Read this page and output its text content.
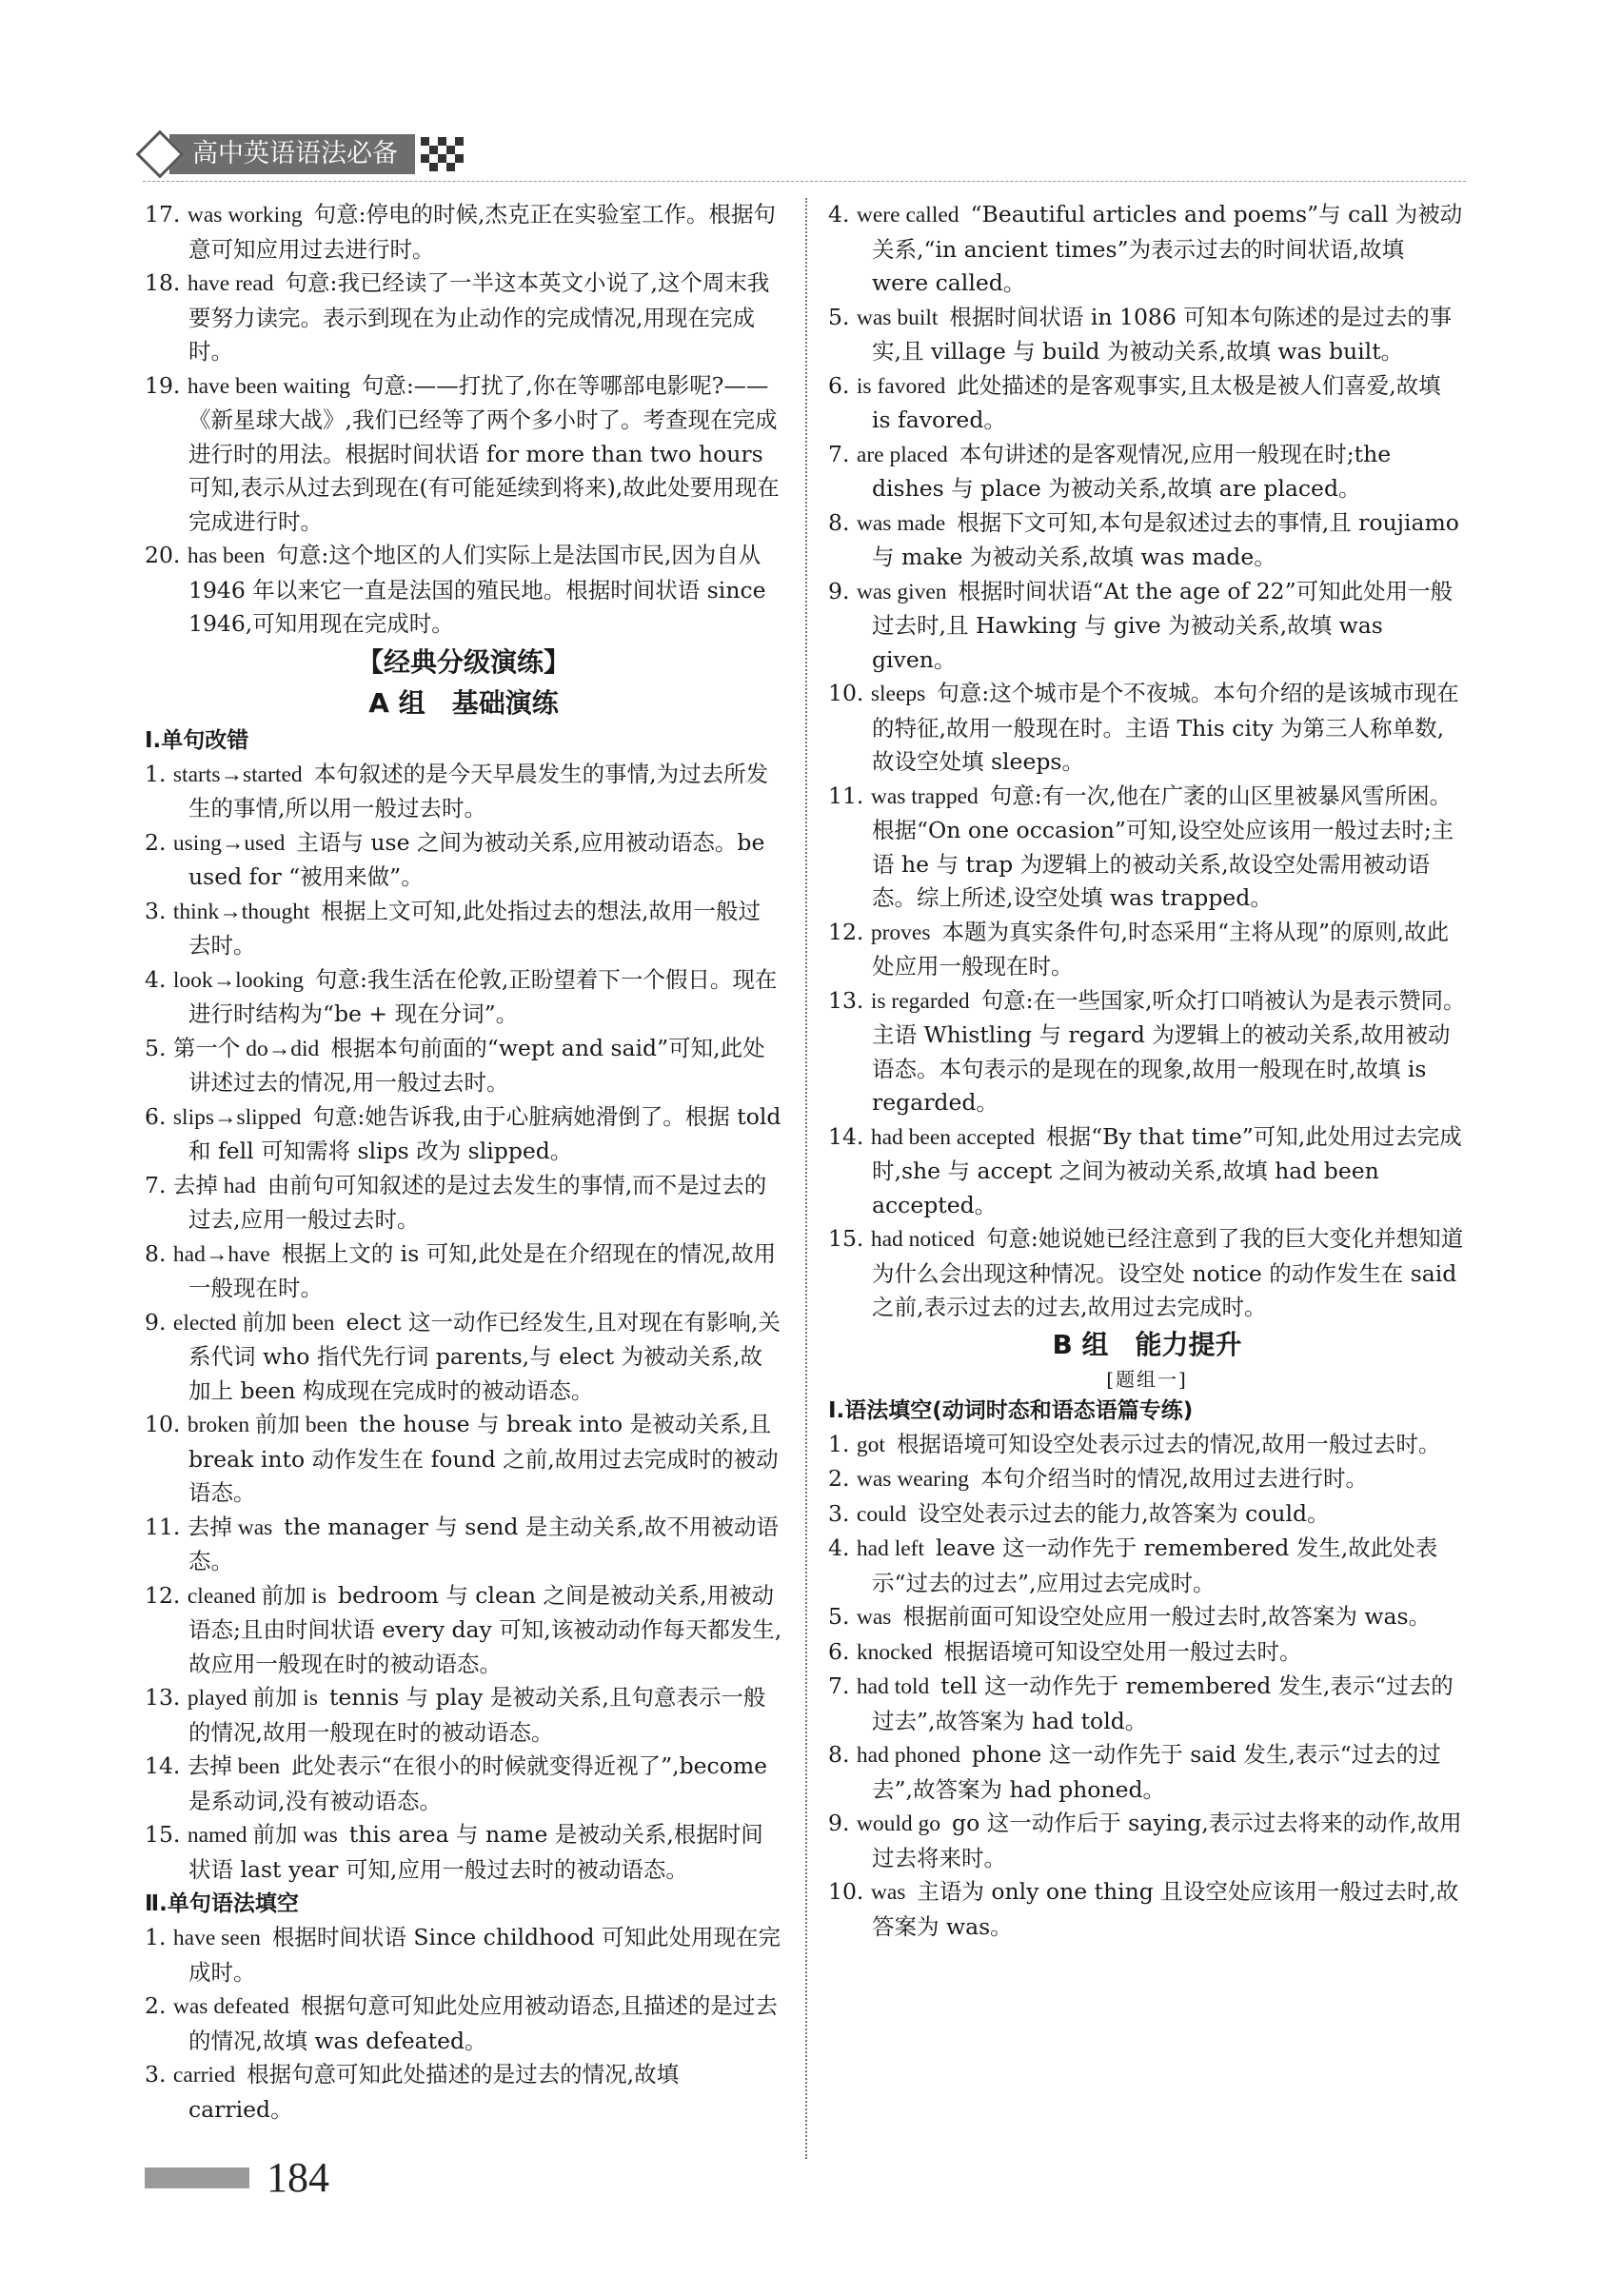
高中英语语法必备

17. was working 句意:停电的时候,杰克正在实验室工作。根据句意可知应用过去进行时。

18. have read 句意:我已经读了一半这本英文小说了,这个周末我要努力读完。表示到现在为止动作的完成情况,用现在完成时。

19. have been waiting 句意:——打扰了,你在等哪部电影呢?——《新星球大战》,我们已经等了两个多小时了。考查现在完成进行时的用法。根据时间状语 for more than two hours 可知,表示从过去到现在(有可能延续到将来),故此处要用现在完成进行时。

20. has been 句意:这个地区的人们实际上是法国市民,因为自从 1946 年以来它一直是法国的殖民地。根据时间状语 since 1946,可知用现在完成时。

【经典分级演练】
A 组　基础演练
Ⅰ.单句改错

1. starts→started 本句叙述的是今天早晨发生的事情,为过去所发生的事情,所以用一般过去时。

2. using→used 主语与 use 之间为被动关系,应用被动语态。be used for “被用来做”。

3. think→thought 根据上文可知,此处指过去的想法,故用一般过去时。

4. look→looking 句意:我生活在伦敦,正盼望着下一个假日。现在进行时结构为“be + 现在分词”。

5. 第一个 do→did 根据本句前面的“wept and said”可知,此处讲述过去的情况,用一般过去时。

6. slips→slipped 句意:她告诉我,由于心脏病她滑倒了。根据 told 和 fell 可知需将 slips 改为 slipped。

7. 去掉 had 由前句可知叙述的是过去发生的事情,而不是过去的过去,应用一般过去时。

8. had→have 根据上文的 is 可知,此处是在介绍现在的情况,故用一般现在时。

9. elected 前加 been elect 这一动作已经发生,且对现在有影响,关系代词 who 指代先行词 parents,与 elect 为被动关系,故加上 been 构成现在完成时的被动语态。

10. broken 前加 been the house 与 break into 是被动关系,且 break into 动作发生在 found 之前,故用过去完成时的被动语态。

11. 去掉 was the manager 与 send 是主动关系,故不用被动语态。

12. cleaned 前加 is bedroom 与 clean 之间是被动关系,用被动语态;且由时间状语 every day 可知,该被动动作每天都发生,故应用一般现在时的被动语态。

13. played 前加 is tennis 与 play 是被动关系,且句意表示一般的情况,故用一般现在时的被动语态。

14. 去掉 been 此处表示“在很小的时候就变得近视了”,become 是系动词,没有被动语态。

15. named 前加 was this area 与 name 是被动关系,根据时间状语 last year 可知,应用一般过去时的被动语态。

Ⅱ.单句语法填空

1. have seen 根据时间状语 Since childhood 可知此处用现在完成时。

2. was defeated 根据句意可知此处应用被动语态,且描述的是过去的情况,故填 was defeated。

3. carried 根据句意可知此处描述的是过去的情况,故填 carried。

4. were called “Beautiful articles and poems”与 call 为被动关系,“in ancient times”为表示过去的时间状语,故填 were called。

5. was built 根据时间状语 in 1086 可知本句陈述的是过去的事实,且 village 与 build 为被动关系,故填 was built。

6. is favored 此处描述的是客观事实,且太极是被人们喜爱,故填 is favored。

7. are placed 本句讲述的是客观情况,应用一般现在时;the dishes 与 place 为被动关系,故填 are placed。

8. was made 根据下文可知,本句是叙述过去的事情,且 roujiamo 与 make 为被动关系,故填 was made。

9. was given 根据时间状语“At the age of 22”可知此处用一般过去时,且 Hawking 与 give 为被动关系,故填 was given。

10. sleeps 句意:这个城市是个不夜城。本句介绍的是该城市现在的特征,故用一般现在时。主语 This city 为第三人称单数,故设空处填 sleeps。

11. was trapped 句意:有一次,他在广袤的山区里被暴风雪所困。根据“On one occasion”可知,设空处应该用一般过去时;主语 he 与 trap 为逻辑上的被动关系,故设空处需用被动语态。综上所述,设空处填 was trapped。

12. proves 本题为真实条件句,时态采用“主将从现”的原则,故此处应用一般现在时。

13. is regarded 句意:在一些国家,听众打口哨被认为是表示赞同。主语 Whistling 与 regard 为逻辑上的被动关系,故用被动语态。本句表示的是现在的现象,故用一般现在时,故填 is regarded。

14. had been accepted 根据“By that time”可知,此处用过去完成时,she 与 accept 之间为被动关系,故填 had been accepted。

15. had noticed 句意:她说她已经注意到了我的巨大变化并想知道为什么会出现这种情况。设空处 notice 的动作发生在 said 之前,表示过去的过去,故用过去完成时。

B 组　能力提升
[题组一]
Ⅰ.语法填空(动词时态和语态语篇专练)

1. got 根据语境可知设空处表示过去的情况,故用一般过去时。

2. was wearing 本句介绍当时的情况,故用过去进行时。

3. could 设空处表示过去的能力,故答案为 could。

4. had left leave 这一动作先于 remembered 发生,故此处表示“过去的过去”,应用过去完成时。

5. was 根据前面可知设空处应用一般过去时,故答案为 was。

6. knocked 根据语境可知设空处用一般过去时。

7. had told tell 这一动作先于 remembered 发生,表示“过去的过去”,故答案为 had told。

8. had phoned phone 这一动作先于 said 发生,表示“过去的过去”,故答案为 had phoned。

9. would go go 这一动作后于 saying,表示过去将来的动作,故用过去将来时。

10. was 主语为 only one thing 且设空处应该用一般过去时,故答案为 was。

184
